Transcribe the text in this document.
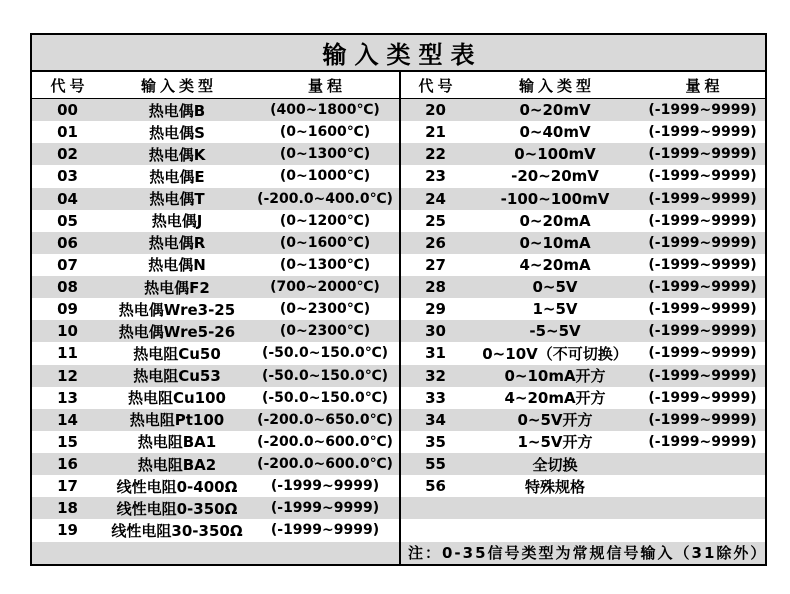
输入类型表					
代号	输入类型	量程	代号	输入类型	量程
00	热电偶B	(400~1800℃)	20	0~20mV	(-1999~9999)
01	热电偶S	(0~1600℃)	21	0~40mV	(-1999~9999)
02	热电偶K	(0~1300℃)	22	0~100mV	(-1999~9999)
03	热电偶E	(0~1000℃)	23	-20~20mV	(-1999~9999)
04	热电偶T	(-200.0~400.0℃)	24	-100~100mV	(-1999~9999)
05	热电偶J	(0~1200℃)	25	0~20mA	(-1999~9999)
06	热电偶R	(0~1600℃)	26	0~10mA	(-1999~9999)
07	热电偶N	(0~1300℃)	27	4~20mA	(-1999~9999)
08	热电偶F2	(700~2000℃)	28	0~5V	(-1999~9999)
09	热电偶Wre3-25	(0~2300℃)	29	1~5V	(-1999~9999)
10	热电偶Wre5-26	(0~2300℃)	30	-5~5V	(-1999~9999)
11	热电阻Cu50	(-50.0~150.0℃)	31	0~10V（不可切换）	(-1999~9999)
12	热电阻Cu53	(-50.0~150.0℃)	32	0~10mA开方	(-1999~9999)
13	热电阻Cu100	(-50.0~150.0℃)	33	4~20mA开方	(-1999~9999)
14	热电阻Pt100	(-200.0~650.0℃)	34	0~5V开方	(-1999~9999)
15	热电阻BA1	(-200.0~600.0℃)	35	1~5V开方	(-1999~9999)
16	热电阻BA2	(-200.0~600.0℃)	55	全切换	
17	线性电阻0-400Ω	(-1999~9999)	56	特殊规格	
18	线性电阻0-350Ω	(-1999~9999)			
19	线性电阻30-350Ω	(-1999~9999)			
			注：0-35信号类型为常规信号输入（31除外）		
